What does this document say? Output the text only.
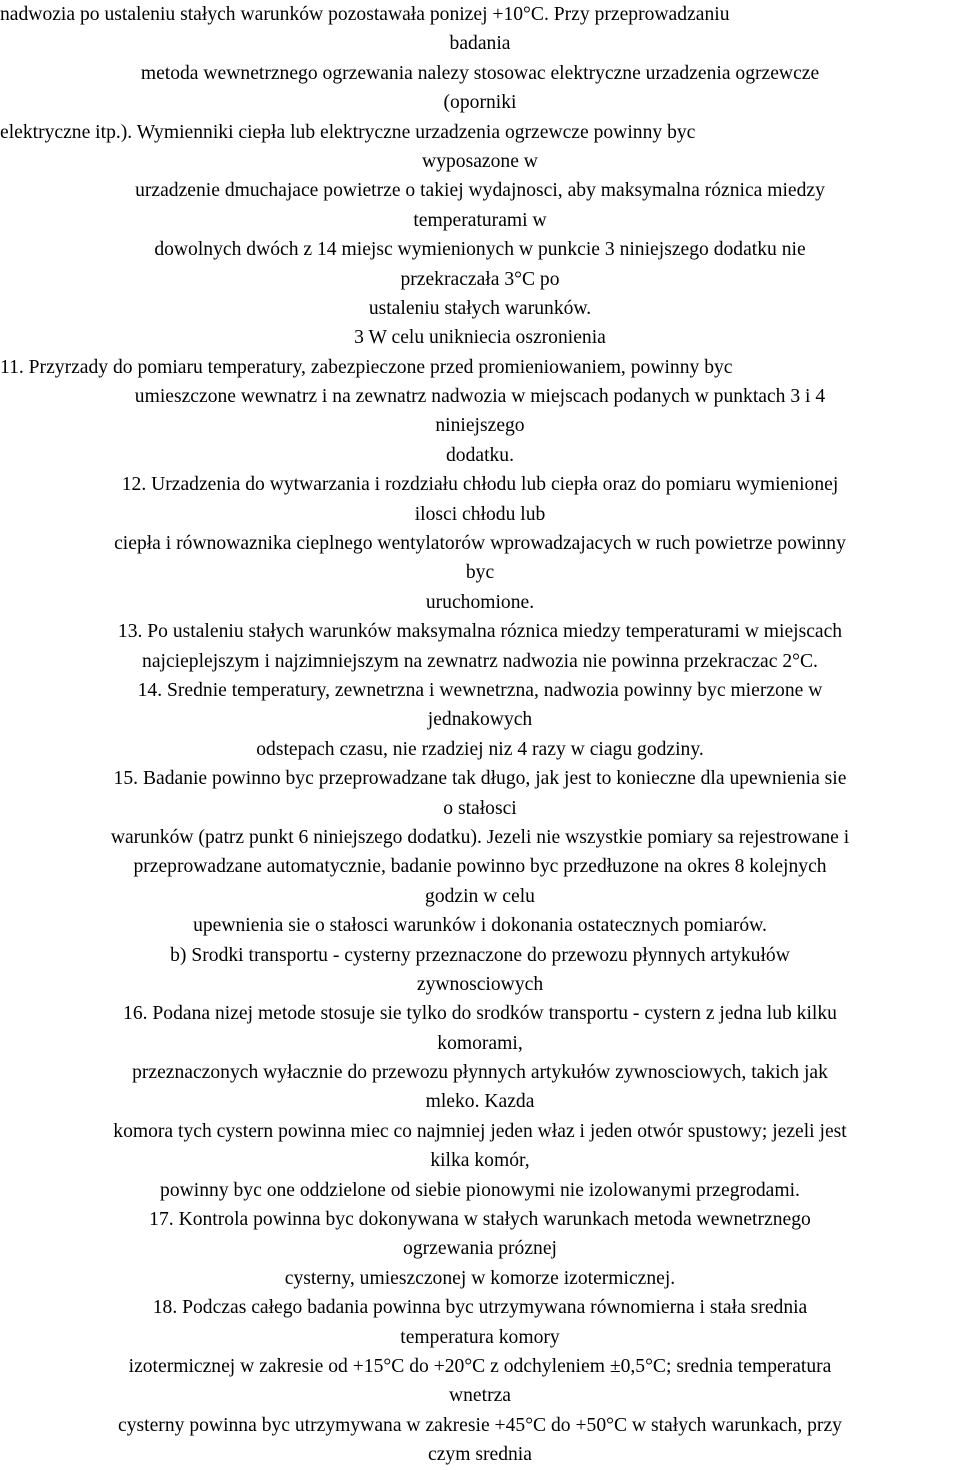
nadwozia po ustaleniu stałych warunków pozostawała ponizej +10°C. Przy przeprowadzaniu

badania

metoda wewnetrznego ogrzewania nalezy stosowac elektryczne urzadzenia ogrzewcze

(oporniki

elektryczne itp.). Wymienniki ciepła lub elektryczne urzadzenia ogrzewcze powinny byc

wyposazone w

urzadzenie dmuchajace powietrze o takiej wydajnosci, aby maksymalna róznica miedzy

temperaturami w

dowolnych dwóch z 14 miejsc wymienionych w punkcie 3 niniejszego dodatku nie

przekraczała 3°C po

ustaleniu stałych warunków.

3 W celu unikniecia oszronienia

11. Przyrzady do pomiaru temperatury, zabezpieczone przed promieniowaniem, powinny byc

umieszczone wewnatrz i na zewnatrz nadwozia w miejscach podanych w punktach 3 i 4

niniejszego

dodatku.

12. Urzadzenia do wytwarzania i rozdziału chłodu lub ciepła oraz do pomiaru wymienionej

ilosci chłodu lub

ciepła i równowaznika cieplnego wentylatorów wprowadzajacych w ruch powietrze powinny

byc

uruchomione.

13. Po ustaleniu stałych warunków maksymalna róznica miedzy temperaturami w miejscach

najcieplejszym i najzimniejszym na zewnatrz nadwozia nie powinna przekraczac 2°C.

14. Srednie temperatury, zewnetrzna i wewnetrzna, nadwozia powinny byc mierzone w

jednakowych

odstepach czasu, nie rzadziej niz 4 razy w ciagu godziny.

15. Badanie powinno byc przeprowadzane tak długo, jak jest to konieczne dla upewnienia sie

o stałosci

warunków (patrz punkt 6 niniejszego dodatku). Jezeli nie wszystkie pomiary sa rejestrowane i

przeprowadzane automatycznie, badanie powinno byc przedłuzone na okres 8 kolejnych

godzin w celu

upewnienia sie o stałosci warunków i dokonania ostatecznych pomiarów.

b) Srodki transportu - cysterny przeznaczone do przewozu płynnych artykułów

zywnosciowych

16. Podana nizej metode stosuje sie tylko do srodków transportu - cystern z jedna lub kilku

komorami,

przeznaczonych wyłacznie do przewozu płynnych artykułów zywnosciowych, takich jak

mleko. Kazda

komora tych cystern powinna miec co najmniej jeden właz i jeden otwór spustowy; jezeli jest

kilka komór,

powinny byc one oddzielone od siebie pionowymi nie izolowanymi przegrodami.

17. Kontrola powinna byc dokonywana w stałych warunkach metoda wewnetrznego

ogrzewania próznej

cysterny, umieszczonej w komorze izotermicznej.

18. Podczas całego badania powinna byc utrzymywana równomierna i stała srednia

temperatura komory

izotermicznej w zakresie od +15°C do +20°C z odchyleniem ±0,5°C; srednia temperatura

wnetrza

cysterny powinna byc utrzymywana w zakresie +45°C do +50°C w stałych warunkach, przy

czym srednia
